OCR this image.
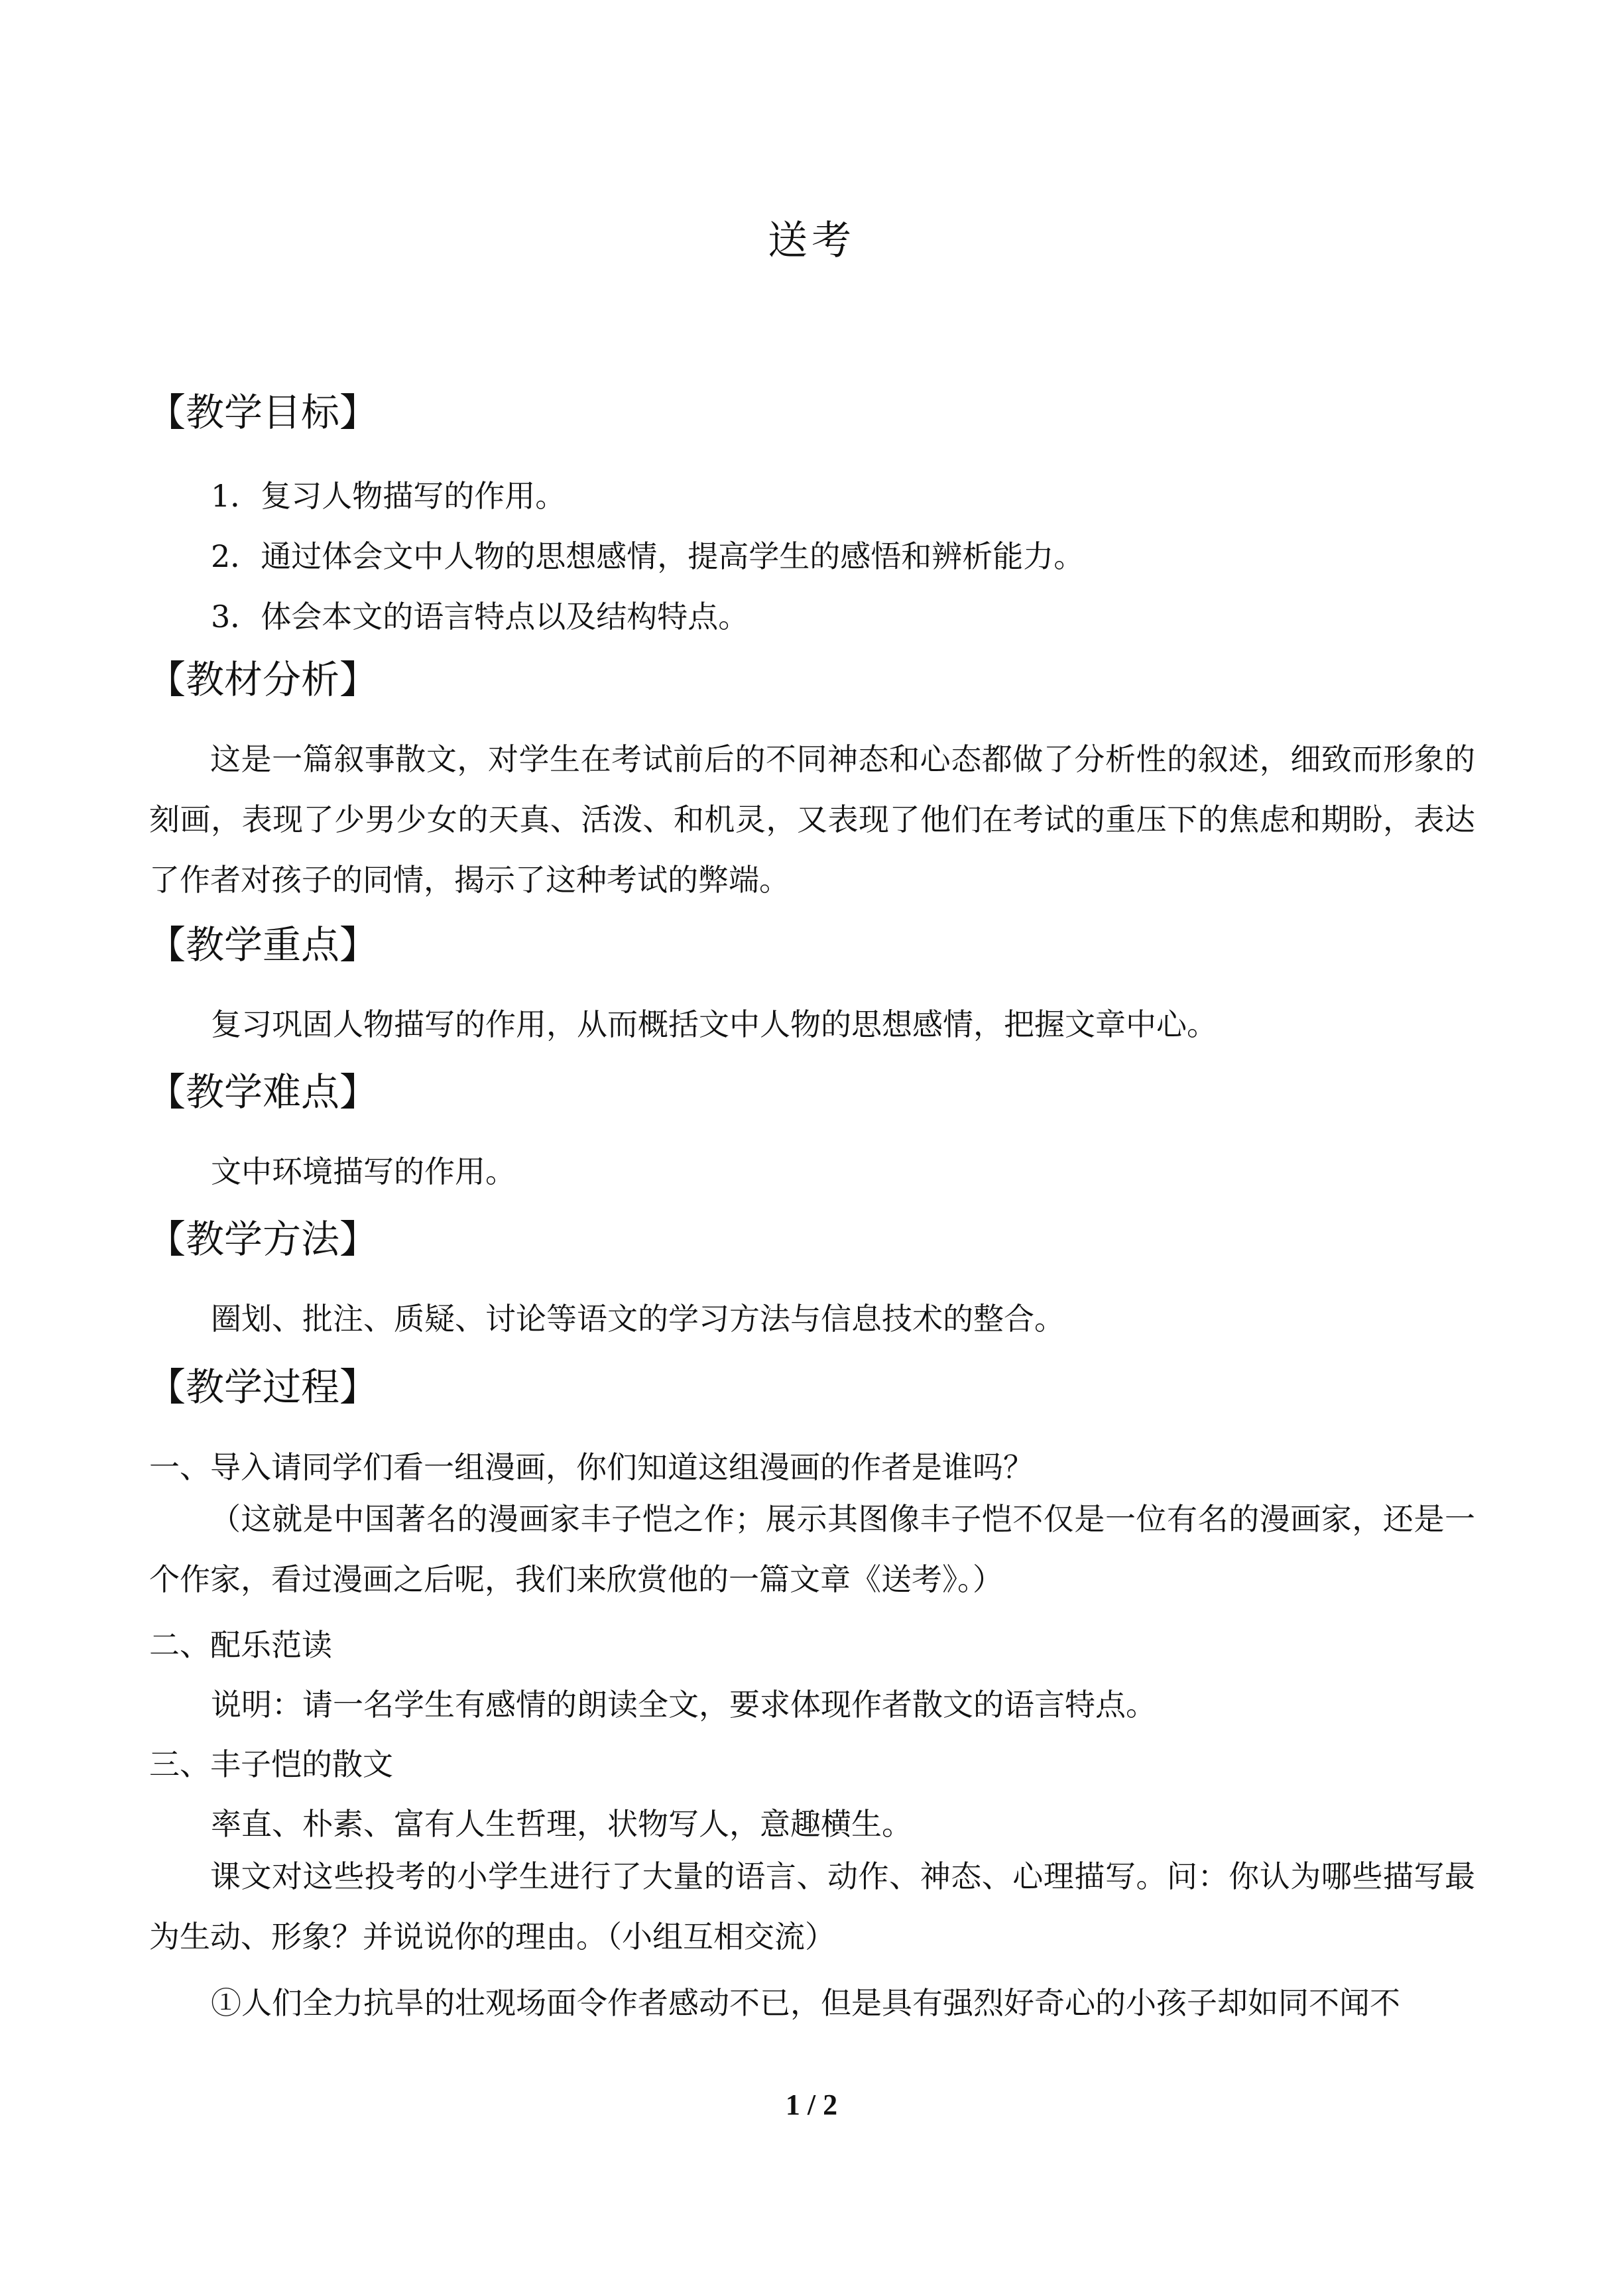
送考
【教学目标】
1．复习人物描写的作用。
2．通过体会文中人物的思想感情，提高学生的感悟和辨析能力。
3．体会本文的语言特点以及结构特点。
【教材分析】
这是一篇叙事散文，对学生在考试前后的不同神态和心态都做了分析性的叙述，细致而形象的刻画，表现了少男少女的天真、活泼、和机灵，又表现了他们在考试的重压下的焦虑和期盼，表达了作者对孩子的同情，揭示了这种考试的弊端。
【教学重点】
复习巩固人物描写的作用，从而概括文中人物的思想感情，把握文章中心。
【教学难点】
文中环境描写的作用。
【教学方法】
圈划、批注、质疑、讨论等语文的学习方法与信息技术的整合。
【教学过程】
一、导入请同学们看一组漫画，你们知道这组漫画的作者是谁吗？
（这就是中国著名的漫画家丰子恺之作；展示其图像丰子恺不仅是一位有名的漫画家，还是一个作家，看过漫画之后呢，我们来欣赏他的一篇文章《送考》。）
二、配乐范读
说明：请一名学生有感情的朗读全文，要求体现作者散文的语言特点。
三、丰子恺的散文
率直、朴素、富有人生哲理，状物写人，意趣横生。
课文对这些投考的小学生进行了大量的语言、动作、神态、心理描写。问：你认为哪些描写最为生动、形象？并说说你的理由。（小组互相交流）
①人们全力抗旱的壮观场面令作者感动不已，但是具有强烈好奇心的小孩子却如同不闻不
1 / 2
